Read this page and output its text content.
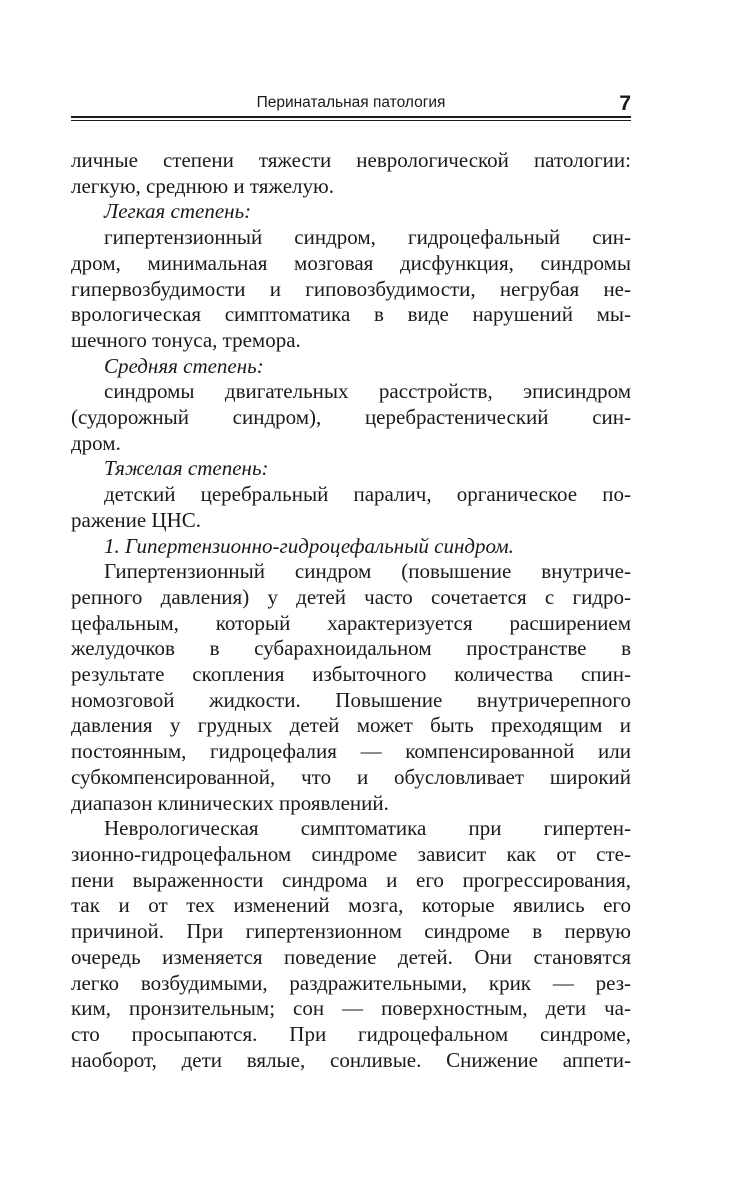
Перинатальная патология	7
личные степени тяжести неврологической патологии:
легкую, среднюю и тяжелую.
Легкая степень:
гипертензионный синдром, гидроцефальный син-
дром, минимальная мозговая дисфункция, синдромы
гипервозбудимости и гиповозбудимости, негрубая не-
врологическая симптоматика в виде нарушений мы-
шечного тонуса, тремора.
Средняя степень:
синдромы двигательных расстройств, эписиндром
(судорожный синдром), церебрастенический син-
дром.
Тяжелая степень:
детский церебральный паралич, органическое по-
ражение ЦНС.
1. Гипертензионно-гидроцефальный синдром.
Гипертензионный синдром (повышение внутриче-
репного давления) у детей часто сочетается с гидро-
цефальным, который характеризуется расширением
желудочков в субарахноидальном пространстве в
результате скопления избыточного количества спин-
номозговой жидкости. Повышение внутричерепного
давления у грудных детей может быть преходящим и
постоянным, гидроцефалия — компенсированной или
субкомпенсированной, что и обусловливает широкий
диапазон клинических проявлений.
Неврологическая симптоматика при гипертен-
зионно-гидроцефальном синдроме зависит как от сте-
пени выраженности синдрома и его прогрессирования,
так и от тех изменений мозга, которые явились его
причиной. При гипертензионном синдроме в первую
очередь изменяется поведение детей. Они становятся
легко возбудимыми, раздражительными, крик — рез-
ким, пронзительным; сон — поверхностным, дети ча-
сто просыпаются. При гидроцефальном синдроме,
наоборот, дети вялые, сонливые. Снижение аппети-
